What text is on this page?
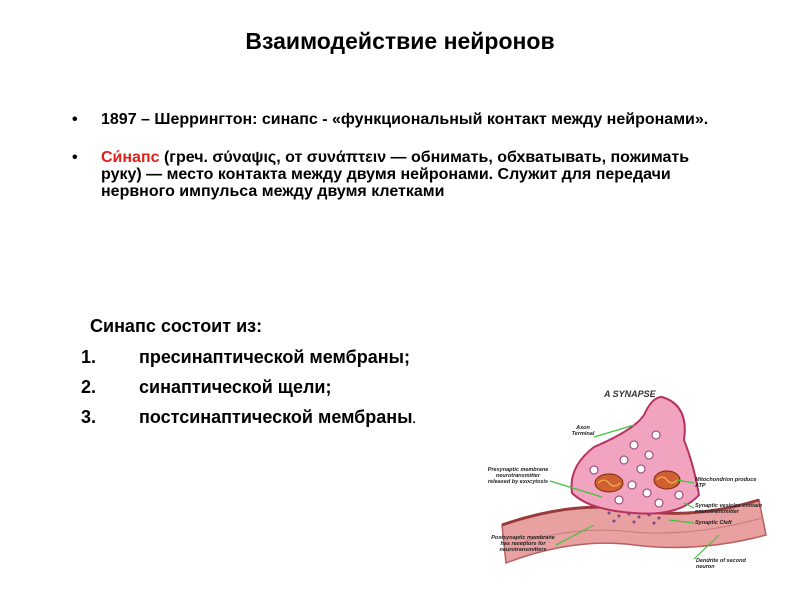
Взаимодействие нейронов
• 1897 – Шеррингтон: синапс - «функциональный контакт между нейронами».
• Си́напс (греч. σύναψις, от συνάπτειν — обнимать, обхватывать, пожимать руку) — место контакта между двумя нейронами. Служит для передачи нервного импульса между двумя клетками
Синапс состоит из:
1. пресинаптической мембраны;
2. синаптической щели;
3. постсинаптической мембраны.
A SYNAPSE
Axon Terminal
Presynaptic membrane neurotransmitter released by exocytosis	Mitochondrion produce ATP
Synaptic vesicles contain neurotransmitter
Synaptic Cleft
Postsynaptic membrane has receptors for neurotransmitters
Dendrite of second neuron
